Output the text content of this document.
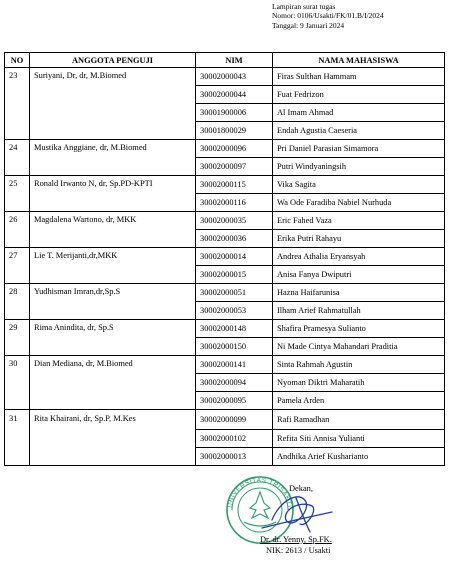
Lampiran surat tugas
Nomor: 0106/Usakti/FK/01.B/I/2024
Tanggal: 9 Januari 2024
NO	ANGGOTA PENGUJI	NIM	NAMA MAHASISWA
23	Suriyani, Dr, dr, M.Biomed	30002000043	Firas Sulthan Hammam
		30002000044	Fuat Fedrizon
		30001900006	Al Imam Ahmad
		30001800029	Endah Agustia Caeseria
24	Mustika Anggiane, dr, M.Biomed	30002000096	Pri Daniel Parasian Simamora
		30002000097	Putri Windyaningsih
25	Ronald Irwanto N, dr, Sp.PD-KPTI	30002000115	Vika Sagita
		30002000116	Wa Ode Faradiba Nabiel Nurhuda
26	Magdalena Wartono, dr, MKK	30002000035	Eric Fahed Vaza
		30002000036	Erika Putri Rahayu
27	Lie T. Merijanti,dr,MKK	30002000014	Andrea Athalia Eryansyah
		30002000015	Anisa Fanya Dwiputri
28	Yudhisman Imran,dr,Sp.S	30002000051	Hazna Haifarunisa
		30002000053	Ilham Arief Rahmatullah
29	Rima Anindita, dr, Sp.S	30002000148	Shafira Pramesya Sulianto
		30002000150	Ni Made Cintya Mahandari Praditia
30	Dian Mediana, dr, M.Biomed	30002000141	Sinta Rahmah Agustin
		30002000094	Nyoman Diktri Maharatih
		30002000095	Pamela Arden
31	Rita Khairani, dr, Sp.P, M.Kes	30002000099	Rafi Ramadhan
		30002000102	Refita Siti Annisa Yulianti
		30002000013	Andhika Arief Kusharianto
UNIVERSITAS TRISAKTI
Dekan,
Dr. dr. Yenny, Sp.FK.
NIK: 2613 / Usakti
